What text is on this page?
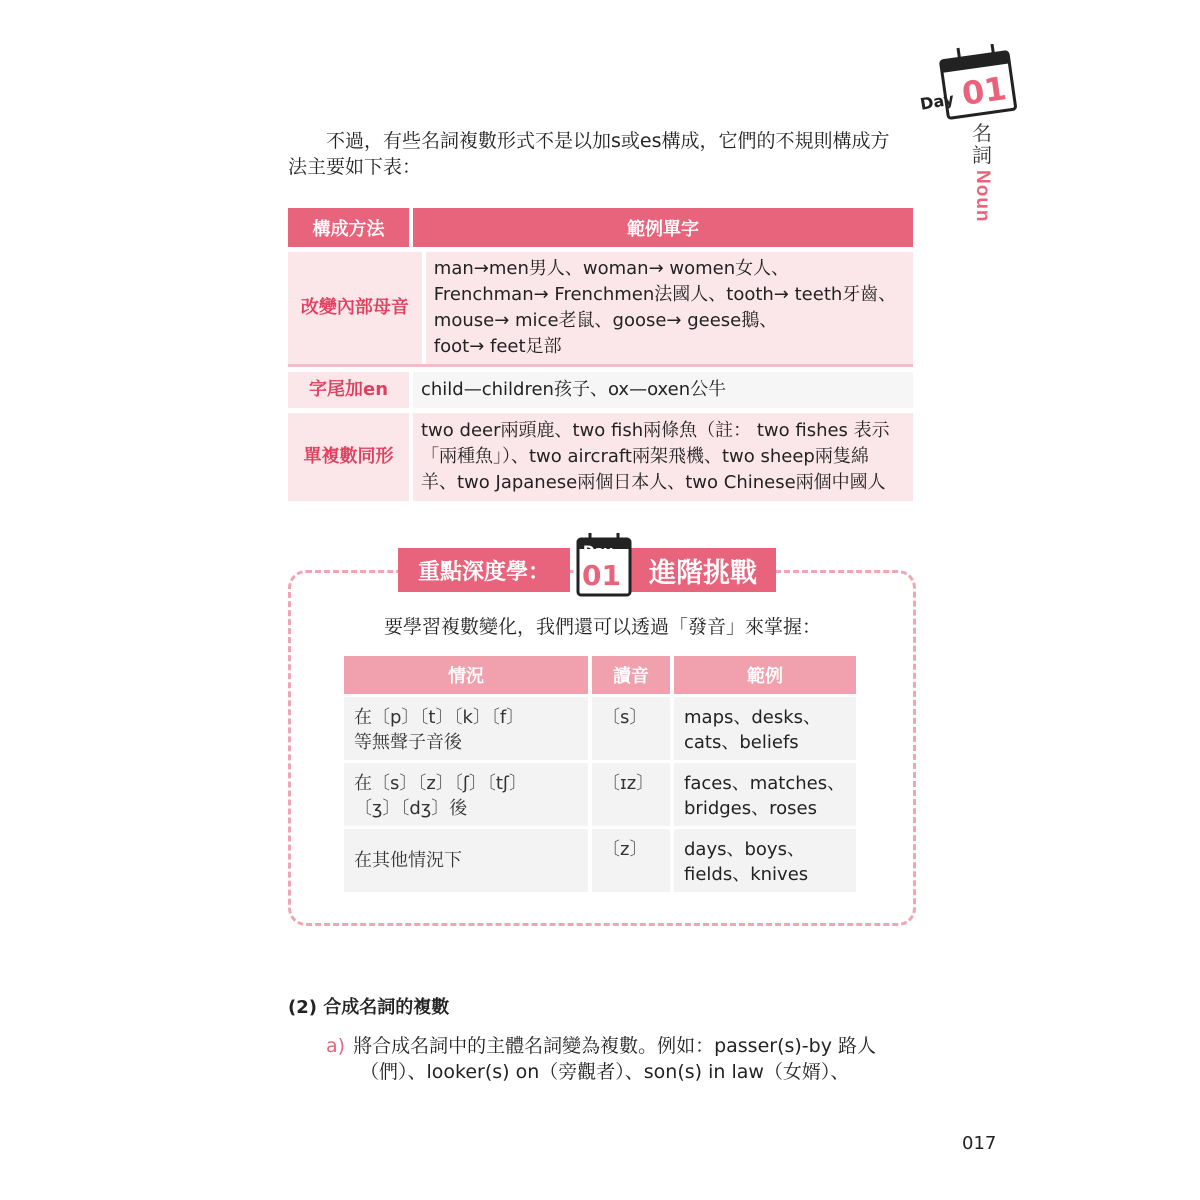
Day 01
名
詞
Noun
不過，有些名詞複數形式不是以加s或es構成，它們的不規則構成方
法主要如下表：
構成方法	範例單字
改變內部母音
man→men男人、woman→ women女人、
Frenchman→ Frenchmen法國人、tooth→ teeth牙齒、
mouse→ mice老鼠、goose→ geese鵝、
foot→ feet足部
字尾加en	child—children孩子、ox—oxen公牛
單複數同形
two deer兩頭鹿、two fish兩條魚（註： two fishes 表示
「兩種魚」）、two aircraft兩架飛機、two sheep兩隻綿
羊、two Japanese兩個日本人、two Chinese兩個中國人
重點深度學：	進階挑戰
Day
01
要學習複數變化，我們還可以透過「發音」來掌握：
情況	讀音	範例
在〔p〕〔t〕〔k〕〔f〕
等無聲子音後
〔s〕	maps、desks、
cats、beliefs
在〔s〕〔z〕〔ʃ〕〔tʃ〕
〔ʒ〕〔dʒ〕後
〔ɪz〕	faces、matches、
bridges、roses
在其他情況下
〔z〕	days、boys、
fields、knives
(2) 合成名詞的複數
a) 將合成名詞中的主體名詞變為複數。例如：passer(s)-by 路人
（們）、looker(s) on（旁觀者）、son(s) in law（女婿）、
017
